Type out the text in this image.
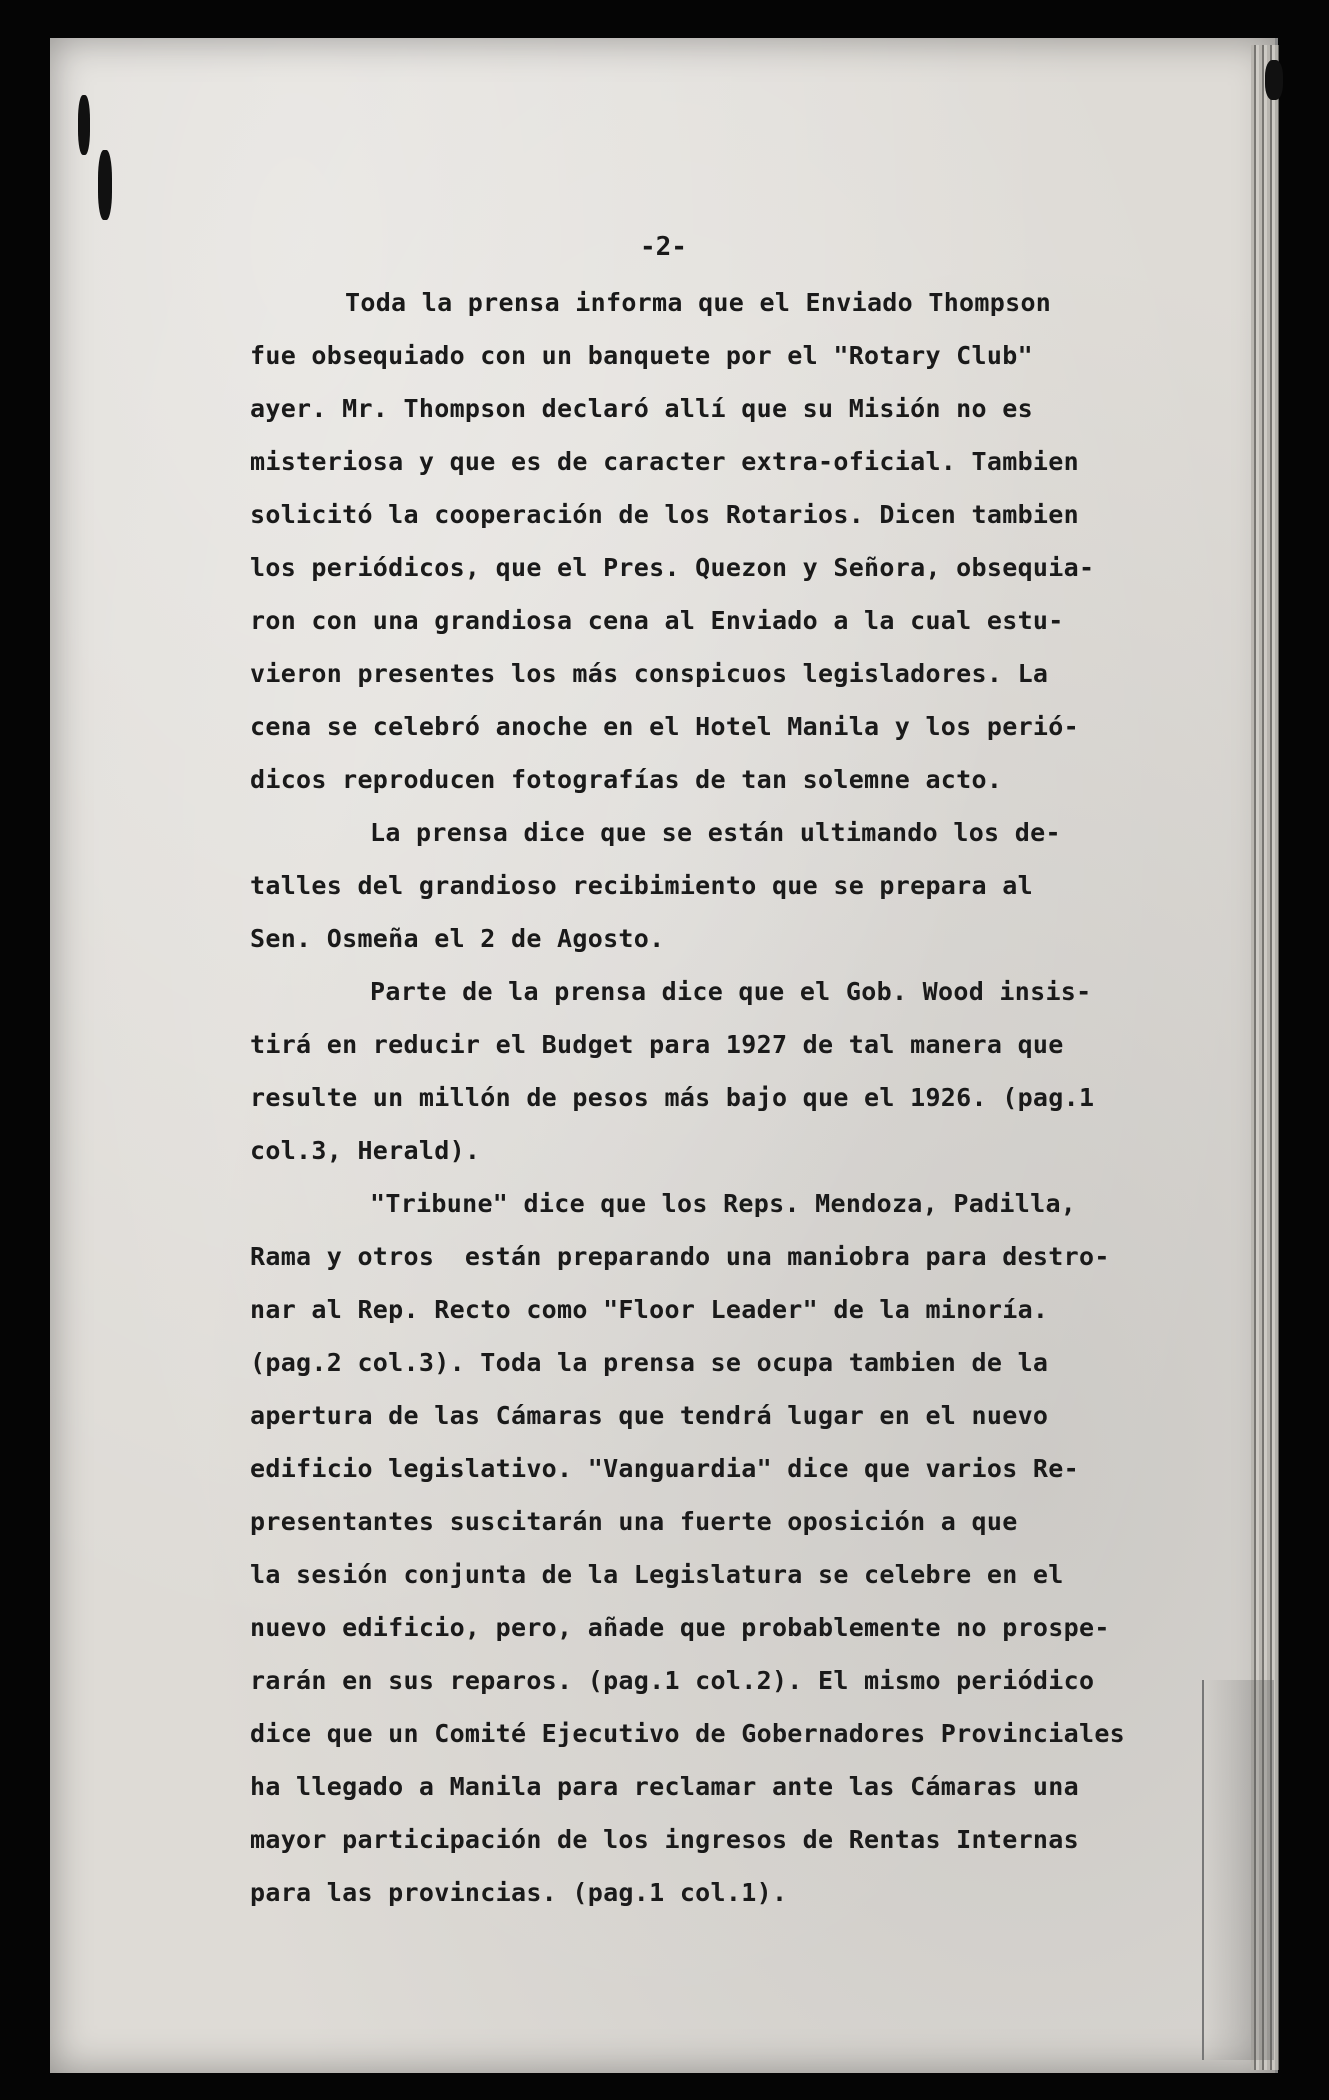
-2-
Toda la prensa informa que el Enviado Thompson
fue obsequiado con un banquete por el "Rotary Club"
ayer. Mr. Thompson declaró allí que su Misión no es
misteriosa y que es de caracter extra-oficial. Tambien
solicitó la cooperación de los Rotarios. Dicen tambien
los periódicos, que el Pres. Quezon y Señora, obsequia-
ron con una grandiosa cena al Enviado a la cual estu-
vieron presentes los más conspicuos legisladores. La
cena se celebró anoche en el Hotel Manila y los perió-
dicos reproducen fotografías de tan solemne acto.
La prensa dice que se están ultimando los de-
talles del grandioso recibimiento que se prepara al
Sen. Osmeña el 2 de Agosto.
Parte de la prensa dice que el Gob. Wood insis-
tirá en reducir el Budget para 1927 de tal manera que
resulte un millón de pesos más bajo que el 1926. (pag.1
col.3, Herald).
"Tribune" dice que los Reps. Mendoza, Padilla,
Rama y otros  están preparando una maniobra para destro-
nar al Rep. Recto como "Floor Leader" de la minoría.
(pag.2 col.3). Toda la prensa se ocupa tambien de la
apertura de las Cámaras que tendrá lugar en el nuevo
edificio legislativo. "Vanguardia" dice que varios Re-
presentantes suscitarán una fuerte oposición a que
la sesión conjunta de la Legislatura se celebre en el
nuevo edificio, pero, añade que probablemente no prospe-
rarán en sus reparos. (pag.1 col.2). El mismo periódico
dice que un Comité Ejecutivo de Gobernadores Provinciales
ha llegado a Manila para reclamar ante las Cámaras una
mayor participación de los ingresos de Rentas Internas
para las provincias. (pag.1 col.1).
